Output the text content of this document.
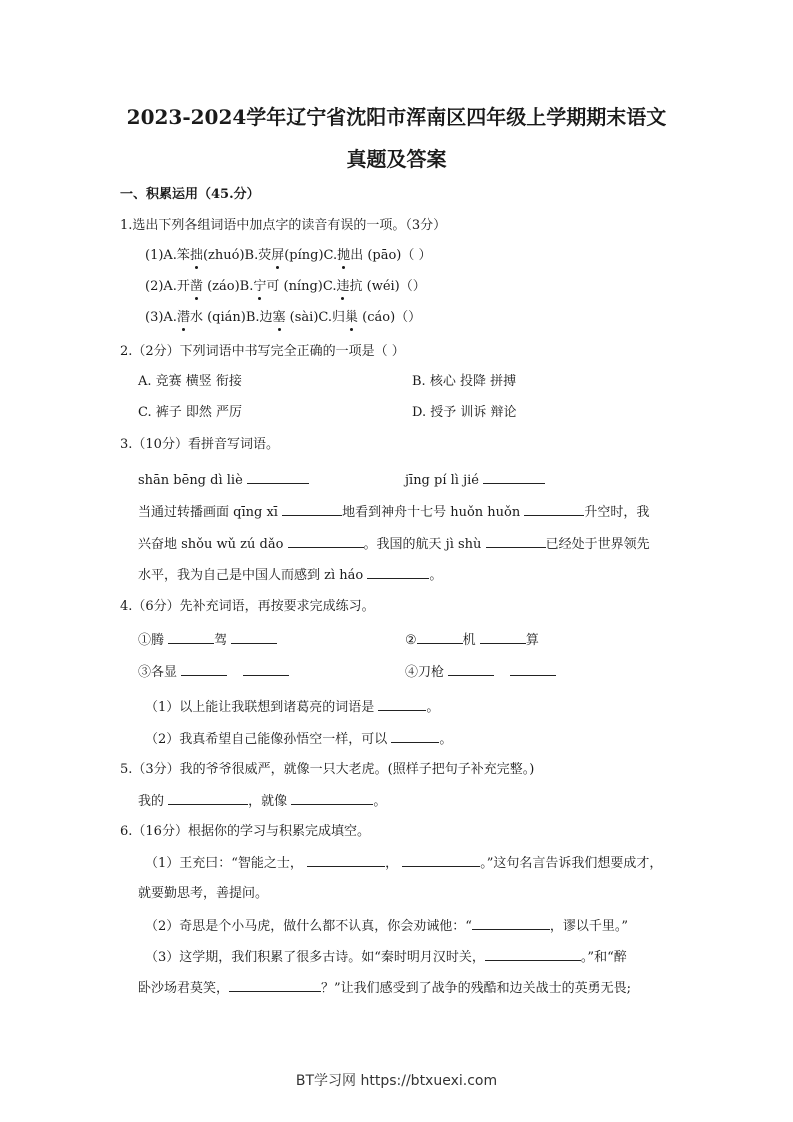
2023-2024学年辽宁省沈阳市浑南区四年级上学期期末语文
真题及答案
一、积累运用（45.分）
1.选出下列各组词语中加点字的读音有误的一项。（3分）
(1)A.笨拙(zhuó)B.荧屏(píng)C.抛出 (pāo)（ ）
(2)A.开凿 (záo)B.宁可 (níng)C.违抗 (wéi)（）
(3)A.潜水 (qián)B.边塞 (sài)C.归巢 (cáo)（）
2.（2分）下列词语中书写完全正确的一项是（ ）
A. 竞赛 横竖 衔接	B. 核心 投降 拼搏
C. 裤子 即然 严厉	D. 授予 训诉 辩论
3.（10分）看拼音写词语。
shān bēng dì liè	jīng pí lì jié
当通过转播画面 qīng xī	地看到神舟十七号 huǒn huǒn	升空时，我
兴奋地 shǒu wǔ zú dǎo	。我国的航天 jì shù	已经处于世界领先
水平，我为自己是中国人而感到 zì háo	。
4.（6分）先补充词语，再按要求完成练习。
①腾	驾	②	机	算
③各显	④刀枪
（1）以上能让我联想到诸葛亮的词语是	。
（2）我真希望自己能像孙悟空一样，可以	。
5.（3分）我的爷爷很威严，就像一只大老虎。(照样子把句子补充完整。)
我的	，就像	。
6.（16分）根据你的学习与积累完成填空。
（1）王充曰：“智能之士，	，	。”这句名言告诉我们想要成才，
就要勤思考，善提问。
（2）奇思是个小马虎，做什么都不认真，你会劝诫他：“	，谬以千里。”
（3）这学期，我们积累了很多古诗。如“秦时明月汉时关，	。”和“醉
卧沙场君莫笑，	？”让我们感受到了战争的残酷和边关战士的英勇无畏;
BT学习网 https://btxuexi.com
